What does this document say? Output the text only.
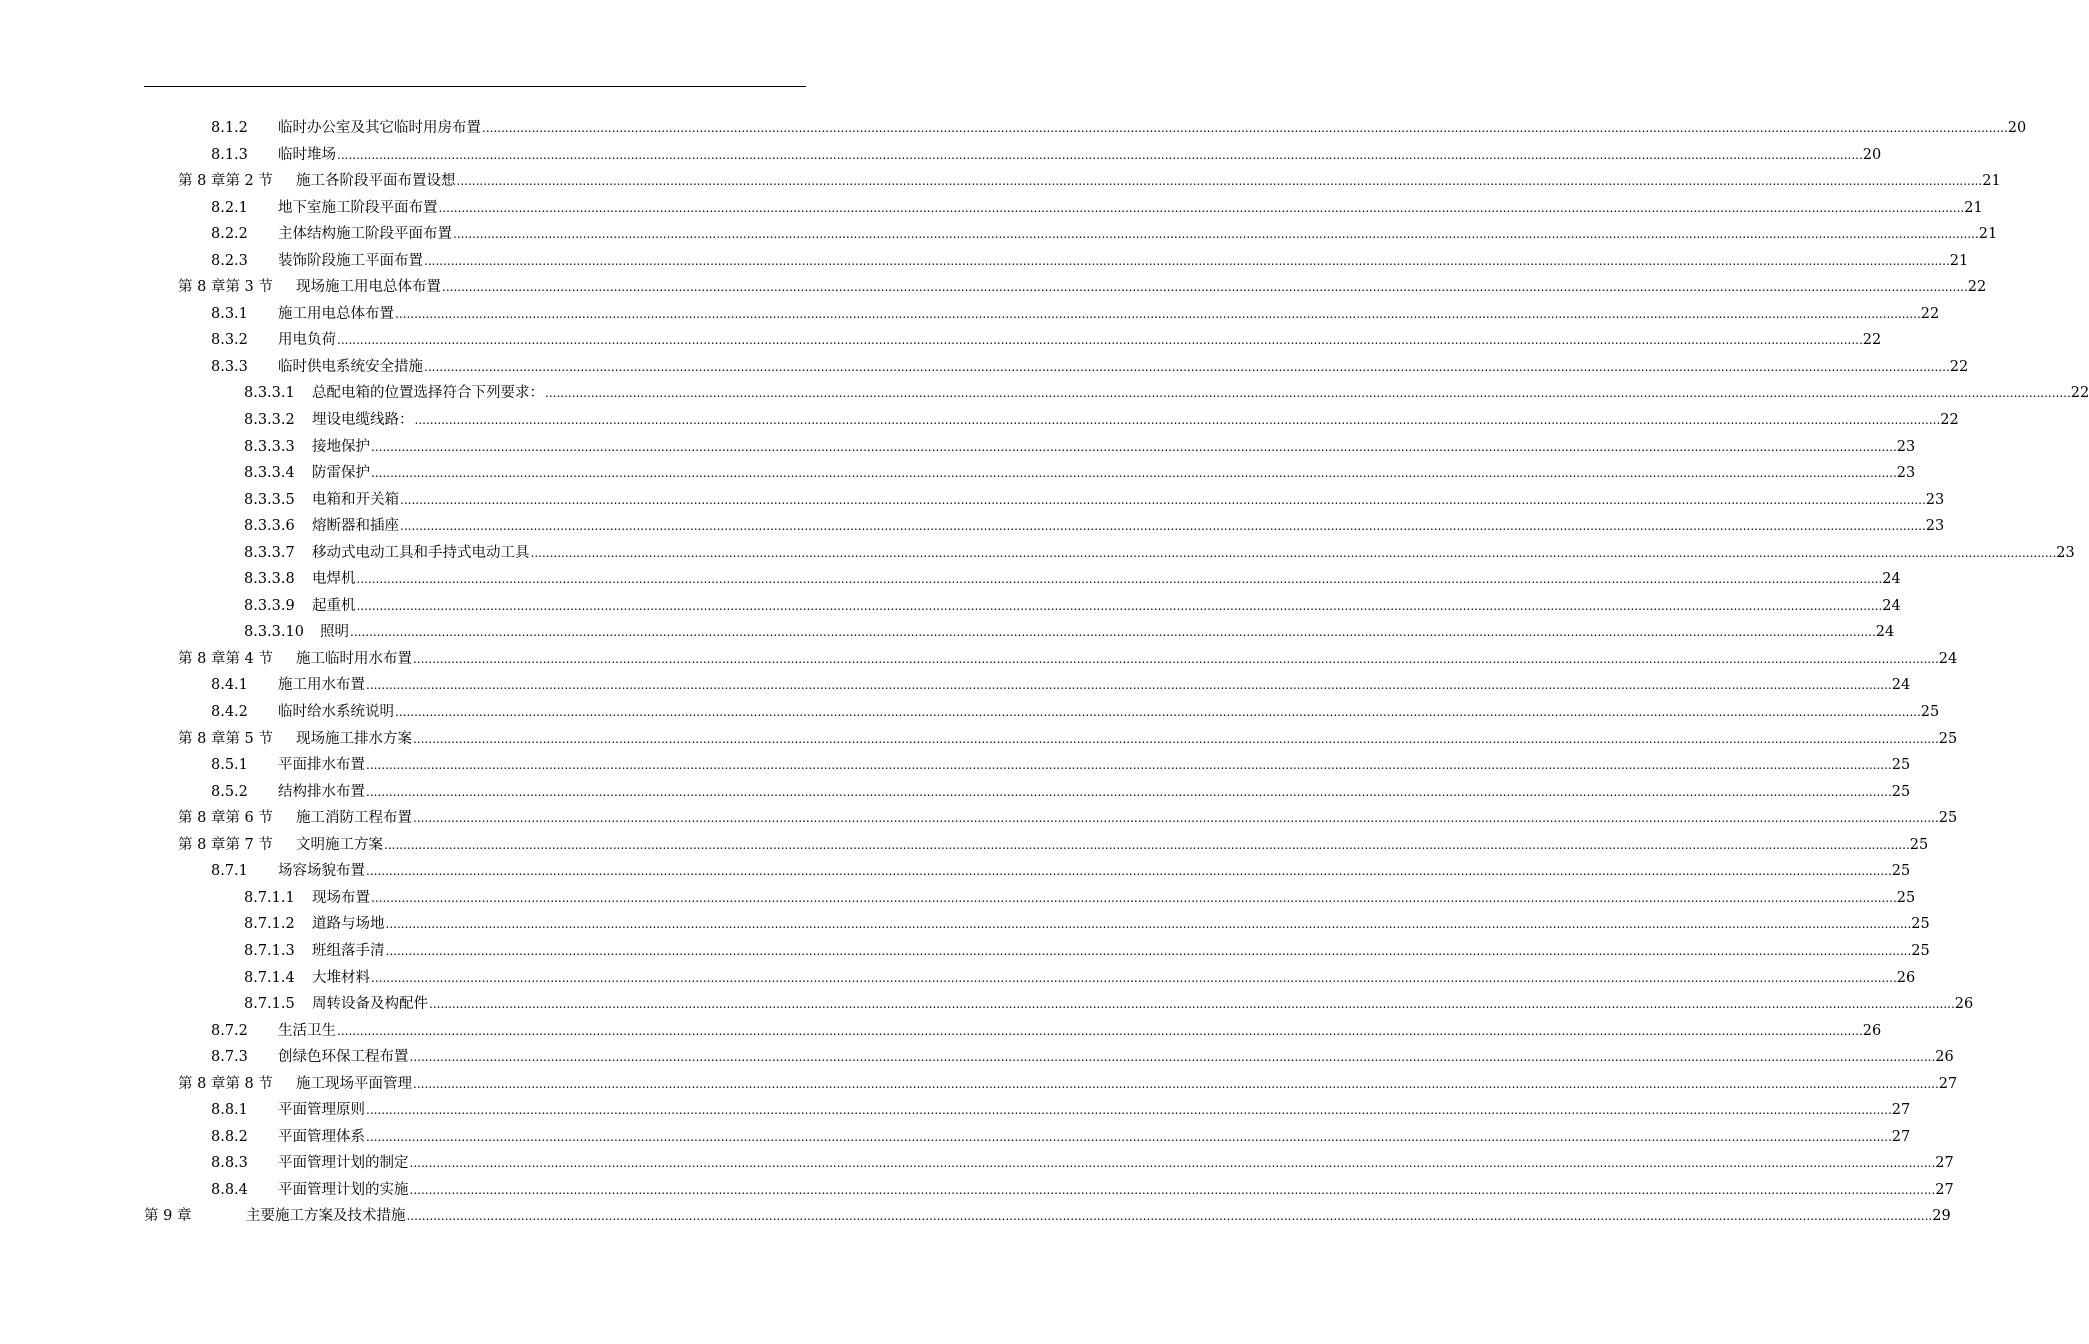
8.1.2 临时办公室及其它临时用房布置 ................................................................................................................................................................................................................................................................................................................................................................................................................ 20
8.1.3 临时堆场 ................................................................................................................................................................................................................................................................................................................................................................................................................ 20
第 8 章第 2 节 施工各阶段平面布置设想 ................................................................................................................................................................................................................................................................................................................................................................................................................ 21
8.2.1 地下室施工阶段平面布置 ................................................................................................................................................................................................................................................................................................................................................................................................................ 21
8.2.2 主体结构施工阶段平面布置 ................................................................................................................................................................................................................................................................................................................................................................................................................ 21
8.2.3 装饰阶段施工平面布置 ................................................................................................................................................................................................................................................................................................................................................................................................................ 21
第 8 章第 3 节 现场施工用电总体布置 ................................................................................................................................................................................................................................................................................................................................................................................................................ 22
8.3.1 施工用电总体布置 ................................................................................................................................................................................................................................................................................................................................................................................................................ 22
8.3.2 用电负荷 ................................................................................................................................................................................................................................................................................................................................................................................................................ 22
8.3.3 临时供电系统安全措施 ................................................................................................................................................................................................................................................................................................................................................................................................................ 22
8.3.3.1 总配电箱的位置选择符合下列要求： ................................................................................................................................................................................................................................................................................................................................................................................................................ 22
8.3.3.2 埋设电缆线路： ................................................................................................................................................................................................................................................................................................................................................................................................................ 22
8.3.3.3 接地保护 ................................................................................................................................................................................................................................................................................................................................................................................................................ 23
8.3.3.4 防雷保护 ................................................................................................................................................................................................................................................................................................................................................................................................................ 23
8.3.3.5 电箱和开关箱 ................................................................................................................................................................................................................................................................................................................................................................................................................ 23
8.3.3.6 熔断器和插座 ................................................................................................................................................................................................................................................................................................................................................................................................................ 23
8.3.3.7 移动式电动工具和手持式电动工具 ................................................................................................................................................................................................................................................................................................................................................................................................................ 23
8.3.3.8 电焊机 ................................................................................................................................................................................................................................................................................................................................................................................................................ 24
8.3.3.9 起重机 ................................................................................................................................................................................................................................................................................................................................................................................................................ 24
8.3.3.10 照明 ................................................................................................................................................................................................................................................................................................................................................................................................................ 24
第 8 章第 4 节 施工临时用水布置 ................................................................................................................................................................................................................................................................................................................................................................................................................ 24
8.4.1 施工用水布置 ................................................................................................................................................................................................................................................................................................................................................................................................................ 24
8.4.2 临时给水系统说明 ................................................................................................................................................................................................................................................................................................................................................................................................................ 25
第 8 章第 5 节 现场施工排水方案 ................................................................................................................................................................................................................................................................................................................................................................................................................ 25
8.5.1 平面排水布置 ................................................................................................................................................................................................................................................................................................................................................................................................................ 25
8.5.2 结构排水布置 ................................................................................................................................................................................................................................................................................................................................................................................................................ 25
第 8 章第 6 节 施工消防工程布置 ................................................................................................................................................................................................................................................................................................................................................................................................................ 25
第 8 章第 7 节 文明施工方案 ................................................................................................................................................................................................................................................................................................................................................................................................................ 25
8.7.1 场容场貌布置 ................................................................................................................................................................................................................................................................................................................................................................................................................ 25
8.7.1.1 现场布置 ................................................................................................................................................................................................................................................................................................................................................................................................................ 25
8.7.1.2 道路与场地 ................................................................................................................................................................................................................................................................................................................................................................................................................ 25
8.7.1.3 班组落手清 ................................................................................................................................................................................................................................................................................................................................................................................................................ 25
8.7.1.4 大堆材料 ................................................................................................................................................................................................................................................................................................................................................................................................................ 26
8.7.1.5 周转设备及构配件 ................................................................................................................................................................................................................................................................................................................................................................................................................ 26
8.7.2 生活卫生 ................................................................................................................................................................................................................................................................................................................................................................................................................ 26
8.7.3 创绿色环保工程布置 ................................................................................................................................................................................................................................................................................................................................................................................................................ 26
第 8 章第 8 节 施工现场平面管理 ................................................................................................................................................................................................................................................................................................................................................................................................................ 27
8.8.1 平面管理原则 ................................................................................................................................................................................................................................................................................................................................................................................................................ 27
8.8.2 平面管理体系 ................................................................................................................................................................................................................................................................................................................................................................................................................ 27
8.8.3 平面管理计划的制定 ................................................................................................................................................................................................................................................................................................................................................................................................................ 27
8.8.4 平面管理计划的实施 ................................................................................................................................................................................................................................................................................................................................................................................................................ 27
第 9 章	主要施工方案及技术措施 ................................................................................................................................................................................................................................................................................................................................................................................................................ 29
